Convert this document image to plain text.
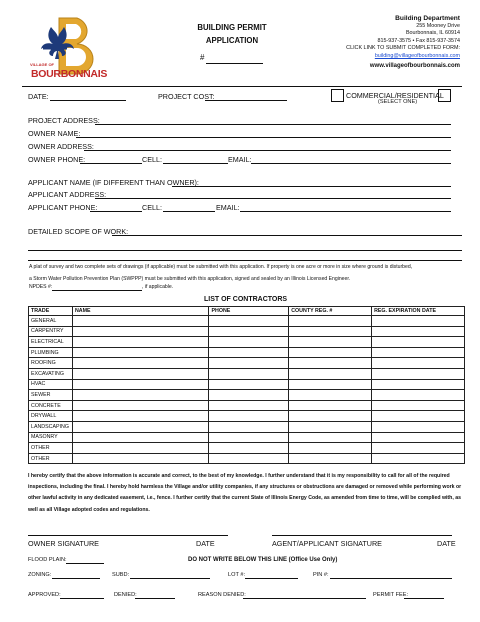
VILLAGE OF
BOURBONNAIS
BUILDING PERMIT
APPLICATION
#
Building Department
255 Mooney Drive
Bourbonnais, IL 60914
815-937-3575 • Fax 815-937-3574
CLICK LINK TO SUBMIT COMPLETED FORM:
building@villageofbourbonnais.com
www.villageofbourbonnais.com
DATE:	PROJECT COST:	COMMERCIAL/RESIDENTIAL
(SELECT ONE)
PROJECT ADDRESS:
OWNER NAME:
OWNER ADDRESS:
OWNER PHONE:	CELL:	EMAIL:
APPLICANT NAME (IF DIFFERENT THAN OWNER):
APPLICANT ADDRESS:
APPLICANT PHONE:	CELL:	EMAIL:
DETAILED SCOPE OF WORK:
A plat of survey and two complete sets of drawings (if applicable) must be submitted with this application. If property is one acre or more in size where ground is disturbed,
a Storm Water Pollution Prevention Plan (SWPPP) must be submitted with this application, signed and sealed by an Illinois Licensed Engineer.
NPDES #:	, if applicable.
LIST OF CONTRACTORS
TRADE	NAME	PHONE	COUNTY REG. #	REG. EXPIRATION DATE
GENERAL				
CARPENTRY				
ELECTRICAL				
PLUMBING				
ROOFING				
EXCAVATING				
HVAC				
SEWER				
CONCRETE				
DRYWALL				
LANDSCAPING				
MASONRY				
OTHER				
OTHER				
I hereby certify that the above information is accurate and correct, to the best of my knowledge. I further understand that it is my responsibility to call for all of the required
inspections, including the final. I hereby hold harmless the Village and/or utility companies, if any structures or obstructions are damaged or removed while performing work or
other lawful activity in any dedicated easement, i.e., fence. I further certify that the current State of Illinois Energy Code, as amended from time to time, will be complied with, as
well as all Village adopted codes and regulations.
OWNER SIGNATURE	DATE	AGENT/APPLICANT SIGNATURE	DATE
FLOOD PLAIN:	DO NOT WRITE BELOW THIS LINE (Office Use Only)
ZONING:	SUBD:	LOT #:	PIN #:
APPROVED:	DENIED:	REASON DENIED:	PERMIT FEE:
